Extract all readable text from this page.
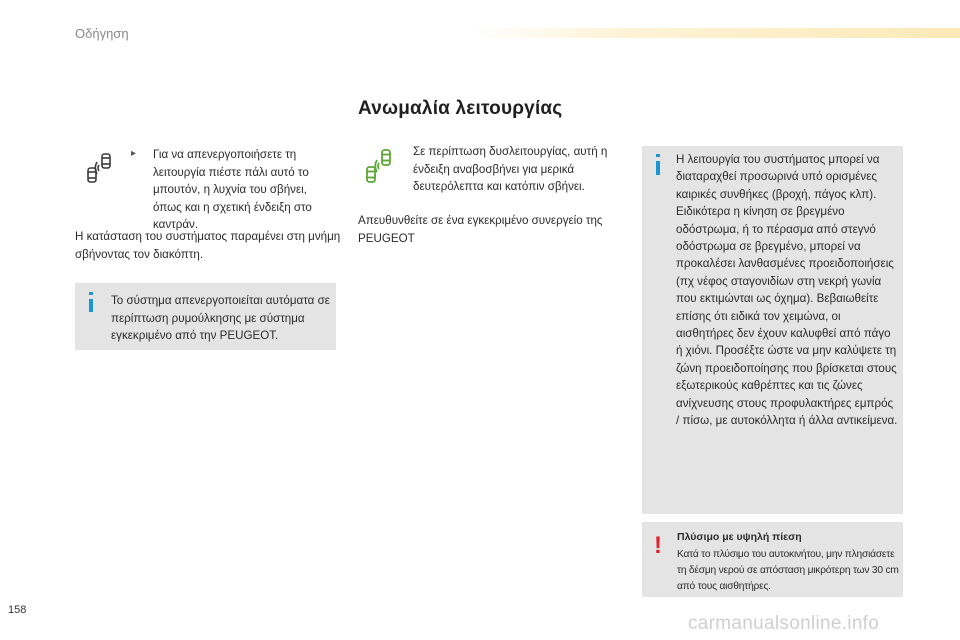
Οδήγηση
Ανωμαλία λειτουργίας
▸ Για να απενεργοποιήσετε τη λειτουργία πιέστε πάλι αυτό το μπουτόν, η λυχνία του σβήνει, όπως και η σχετική ένδειξη στο καντράν.
Η κατάσταση του συστήματος παραμένει στη μνήμη σβήνοντας τον διακόπτη.
Το σύστημα απενεργοποιείται αυτόματα σε περίπτωση ρυμούλκησης με σύστημα εγκεκριμένο από την PEUGEOT.
Σε περίπτωση δυσλειτουργίας, αυτή η ένδειξη αναβοσβήνει για μερικά δευτερόλεπτα και κατόπιν σβήνει.
Απευθυνθείτε σε ένα εγκεκριμένο συνεργείο της PEUGEOT
Η λειτουργία του συστήματος μπορεί να διαταραχθεί προσωρινά υπό ορισμένες καιρικές συνθήκες (βροχή, πάγος κλπ). Ειδικότερα η κίνηση σε βρεγμένο οδόστρωμα, ή το πέρασμα από στεγνό οδόστρωμα σε βρεγμένο, μπορεί να προκαλέσει λανθασμένες προειδοποιήσεις (πχ νέφος σταγονιδίων στη νεκρή γωνία που εκτιμώνται ως όχημα). Βεβαιωθείτε επίσης ότι ειδικά τον χειμώνα, οι αισθητήρες δεν έχουν καλυφθεί από πάγο ή χιόνι. Προσέξτε ώστε να μην καλύψετε τη ζώνη προειδοποίησης που βρίσκεται στους εξωτερικούς καθρέπτες και τις ζώνες ανίχνευσης στους προφυλακτήρες εμπρός / πίσω, με αυτοκόλλητα ή άλλα αντικείμενα.
! Πλύσιμο με υψηλή πίεση
Κατά το πλύσιμο του αυτοκινήτου, μην πλησιάσετε τη δέσμη νερού σε απόσταση μικρότερη των 30 cm από τους αισθητήρες.
158
carmanualsonline.info
